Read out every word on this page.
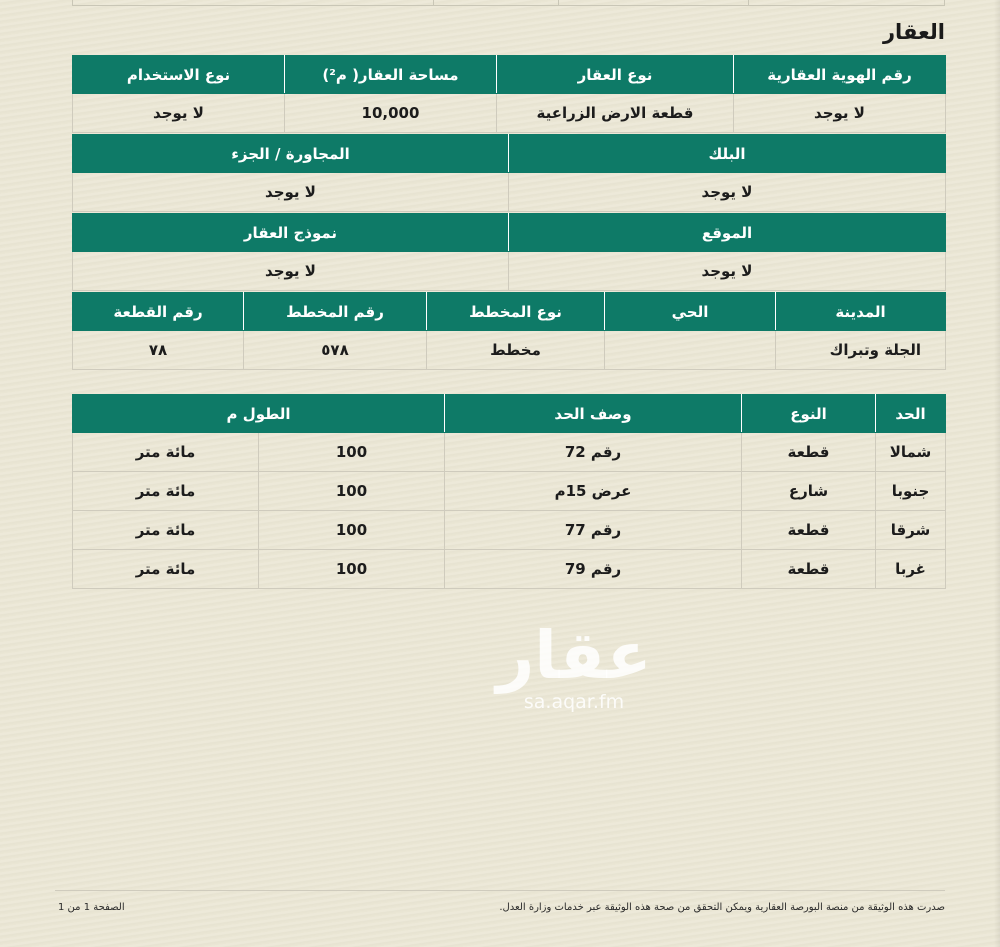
العقار
رقم الهوية العقارية	نوع العقار	مساحة العقار( م²)	نوع الاستخدام
لا يوجد	قطعة الارض الزراعية	10,000	لا يوجد
البلك	المجاورة / الجزء
لا يوجد	لا يوجد
الموقع	نموذج العقار
لا يوجد	لا يوجد
المدينة	الحي	نوع المخطط	رقم المخطط	رقم القطعة
الجلة وتبراك		مخطط	٥٧٨	٧٨
الحد	النوع	وصف الحد	الطول م	
شمالا	قطعة	رقم 72	100	مائة متر
جنوبا	شارع	عرض 15م	100	مائة متر
شرقا	قطعة	رقم 77	100	مائة متر
غربا	قطعة	رقم 79	100	مائة متر
عقار
sa.aqar.fm
صدرت هذه الوثيقة من منصة البورصة العقارية ويمكن التحقق من صحة هذه الوثيقة عبر خدمات وزارة العدل.
الصفحة 1 من 1
